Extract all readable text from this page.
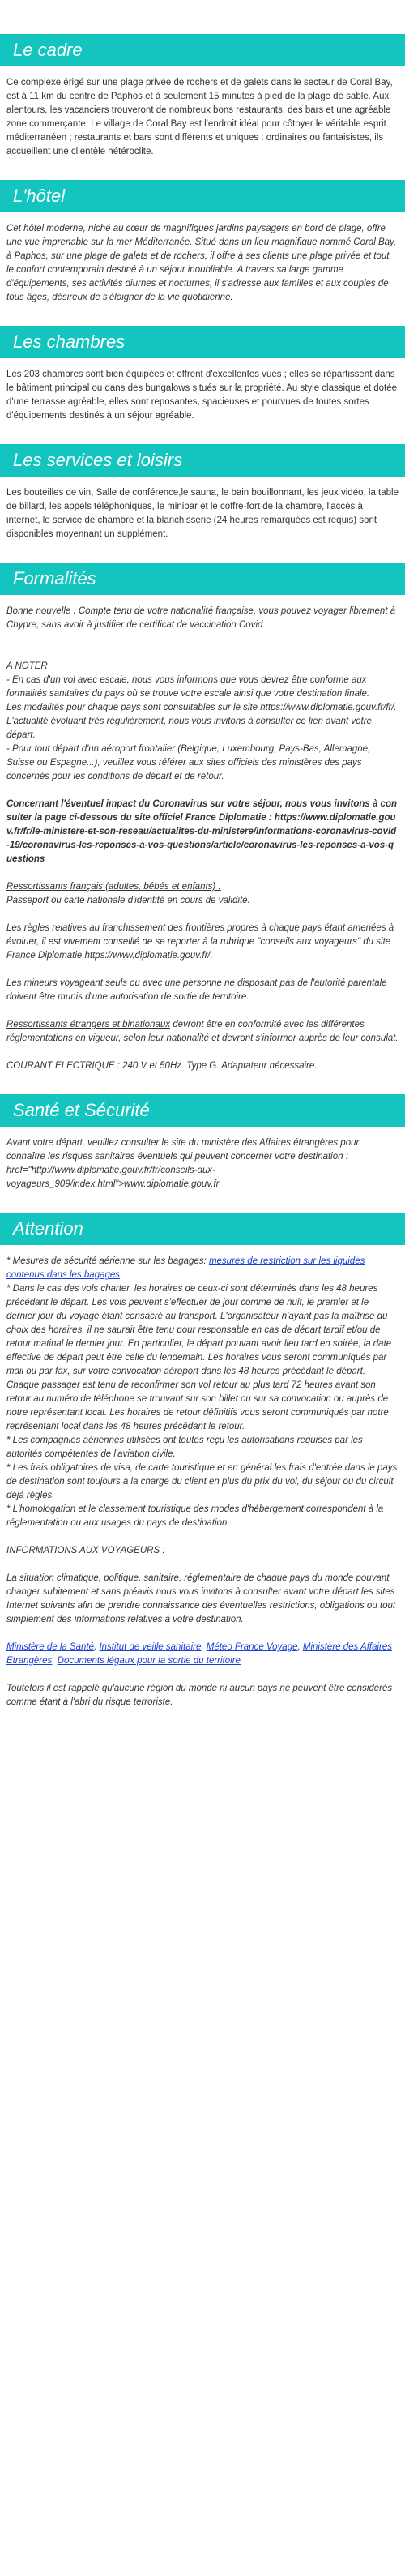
Le cadre

Ce complexe érigé sur une plage privée de rochers et de galets dans le secteur de Coral Bay, est à 11 km du centre de Paphos et à seulement 15 minutes à pied de la plage de sable. Aux alentours, les vacanciers trouveront de nombreux bons restaurants, des bars et une agréable zone commerçante. Le village de Coral Bay est l'endroit idéal pour côtoyer le véritable esprit méditerranéen ; restaurants et bars sont différents et uniques : ordinaires ou fantaisistes, ils accueillent une clientèle hétéroclite.

L'hôtel

Cet hôtel moderne, niché au cœur de magnifiques jardins paysagers en bord de plage, offre une vue imprenable sur la mer Méditerranée. Situé dans un lieu magnifique nommé Coral Bay, à Paphos, sur une plage de galets et de rochers, il offre à ses clients une plage privée et tout le confort contemporain destiné à un séjour inoubliable. A travers sa large gamme d'équipements, ses activités diurnes et nocturnes, il s'adresse aux familles et aux couples de tous âges, désireux de s'éloigner de la vie quotidienne.

Les chambres

Les 203 chambres sont bien équipées et offrent d'excellentes vues ; elles se répartissent dans le bâtiment principal ou dans des bungalows situés sur la propriété. Au style classique et dotée d'une terrasse agréable, elles sont reposantes, spacieuses et pourvues de toutes sortes d'équipements destinés à un séjour agréable.

Les services et loisirs

Les bouteilles de vin, Salle de conférence,le sauna, le bain bouillonnant, les jeux vidéo, la table de billard, les appels téléphoniques, le minibar et le coffre-fort de la chambre, l'accès à internet, le service de chambre et la blanchisserie (24 heures remarquées est requis) sont disponibles moyennant un supplément.

Formalités

Bonne nouvelle : Compte tenu de votre nationalité française, vous pouvez voyager librement à Chypre, sans avoir à justifier de certificat de vaccination Covid.

A NOTER

- En cas d'un vol avec escale, nous vous informons que vous devrez être conforme aux formalités sanitaires du pays où se trouve votre escale ainsi que votre destination finale.

Les modalités pour chaque pays sont consultables sur le site https://www.diplomatie.gouv.fr/fr/. L'actualité évoluant très régulièrement, nous vous invitons à consulter ce lien avant votre départ.

- Pour tout départ d'un aéroport frontalier (Belgique, Luxembourg, Pays-Bas, Allemagne, Suisse ou Espagne...), veuillez vous référer aux sites officiels des ministères des pays concernés pour les conditions de départ et de retour.

Concernant l'éventuel impact du Coronavirus sur votre séjour, nous vous invitons à consulter la page ci-dessous du site officiel France Diplomatie : https://www.diplomatie.gouv.fr/fr/le-ministere-et-son-reseau/actualites-du-ministere/informations-coronavirus-covid-19/coronavirus-les-reponses-a-vos-questions/article/coronavirus-les-reponses-a-vos-questions

Ressortissants français (adultes, bébés et enfants) :

Passeport ou carte nationale d'identité en cours de validité.

Les règles relatives au franchissement des frontières propres à chaque pays étant amenées à évoluer, il est vivement conseillé de se reporter à la rubrique "conseils aux voyageurs" du site France Diplomatie.https://www.diplomatie.gouv.fr/.

Les mineurs voyageant seuls ou avec une personne ne disposant pas de l'autorité parentale doivent être munis d'une autorisation de sortie de territoire.

Ressortissants étrangers et binationaux devront être en conformité avec les différentes réglementations en vigueur, selon leur nationalité et devront s'informer auprès de leur consulat.

COURANT ELECTRIQUE : 240 V et 50Hz. Type G. Adaptateur nécessaire.

Santé et Sécurité

Avant votre départ, veuillez consulter le site du ministère des Affaires étrangères pour connaître les risques sanitaires éventuels qui peuvent concerner votre destination : href="http://www.diplomatie.gouv.fr/fr/conseils-aux-voyageurs_909/index.html">www.diplomatie.gouv.fr

Attention

* Mesures de sécurité aérienne sur les bagages: mesures de restriction sur les liquides contenus dans les bagages.

* Dans le cas des vols charter, les horaires de ceux-ci sont déterminés dans les 48 heures précédant le départ. Les vols peuvent s'effectuer de jour comme de nuit, le premier et le dernier jour du voyage étant consacré au transport. L'organisateur n'ayant pas la maîtrise du choix des horaires, il ne saurait être tenu pour responsable en cas de départ tardif et/ou de retour matinal le dernier jour. En particulier, le départ pouvant avoir lieu tard en soirée, la date effective de départ peut être celle du lendemain. Les horaires vous seront communiqués par mail ou par fax, sur votre convocation aéroport dans les 48 heures précédant le départ. Chaque passager est tenu de reconfirmer son vol retour au plus tard 72 heures avant son retour au numéro de téléphone se trouvant sur son billet ou sur sa convocation ou auprès de notre représentant local. Les horaires de retour définitifs vous seront communiqués par notre représentant local dans les 48 heures précédant le retour.

* Les compagnies aériennes utilisées ont toutes reçu les autorisations requises par les autorités compétentes de l'aviation civile.

* Les frais obligatoires de visa, de carte touristique et en général les frais d'entrée dans le pays de destination sont toujours à la charge du client en plus du prix du vol, du séjour ou du circuit déjà réglés.

* L'homologation et le classement touristique des modes d'hébergement correspondent à la réglementation ou aux usages du pays de destination.

INFORMATIONS AUX VOYAGEURS :

La situation climatique, politique, sanitaire, réglementaire de chaque pays du monde pouvant changer subitement et sans préavis nous vous invitons à consulter avant votre départ les sites Internet suivants afin de prendre connaissance des éventuelles restrictions, obligations ou tout simplement des informations relatives à votre destination.

Ministère de la Santé, Institut de veille sanitaire, Méteo France Voyage, Ministère des Affaires Etrangères, Documents légaux pour la sortie du territoire

Toutefois il est rappelé qu'aucune région du monde ni aucun pays ne peuvent être considérés comme étant à l'abri du risque terroriste.
